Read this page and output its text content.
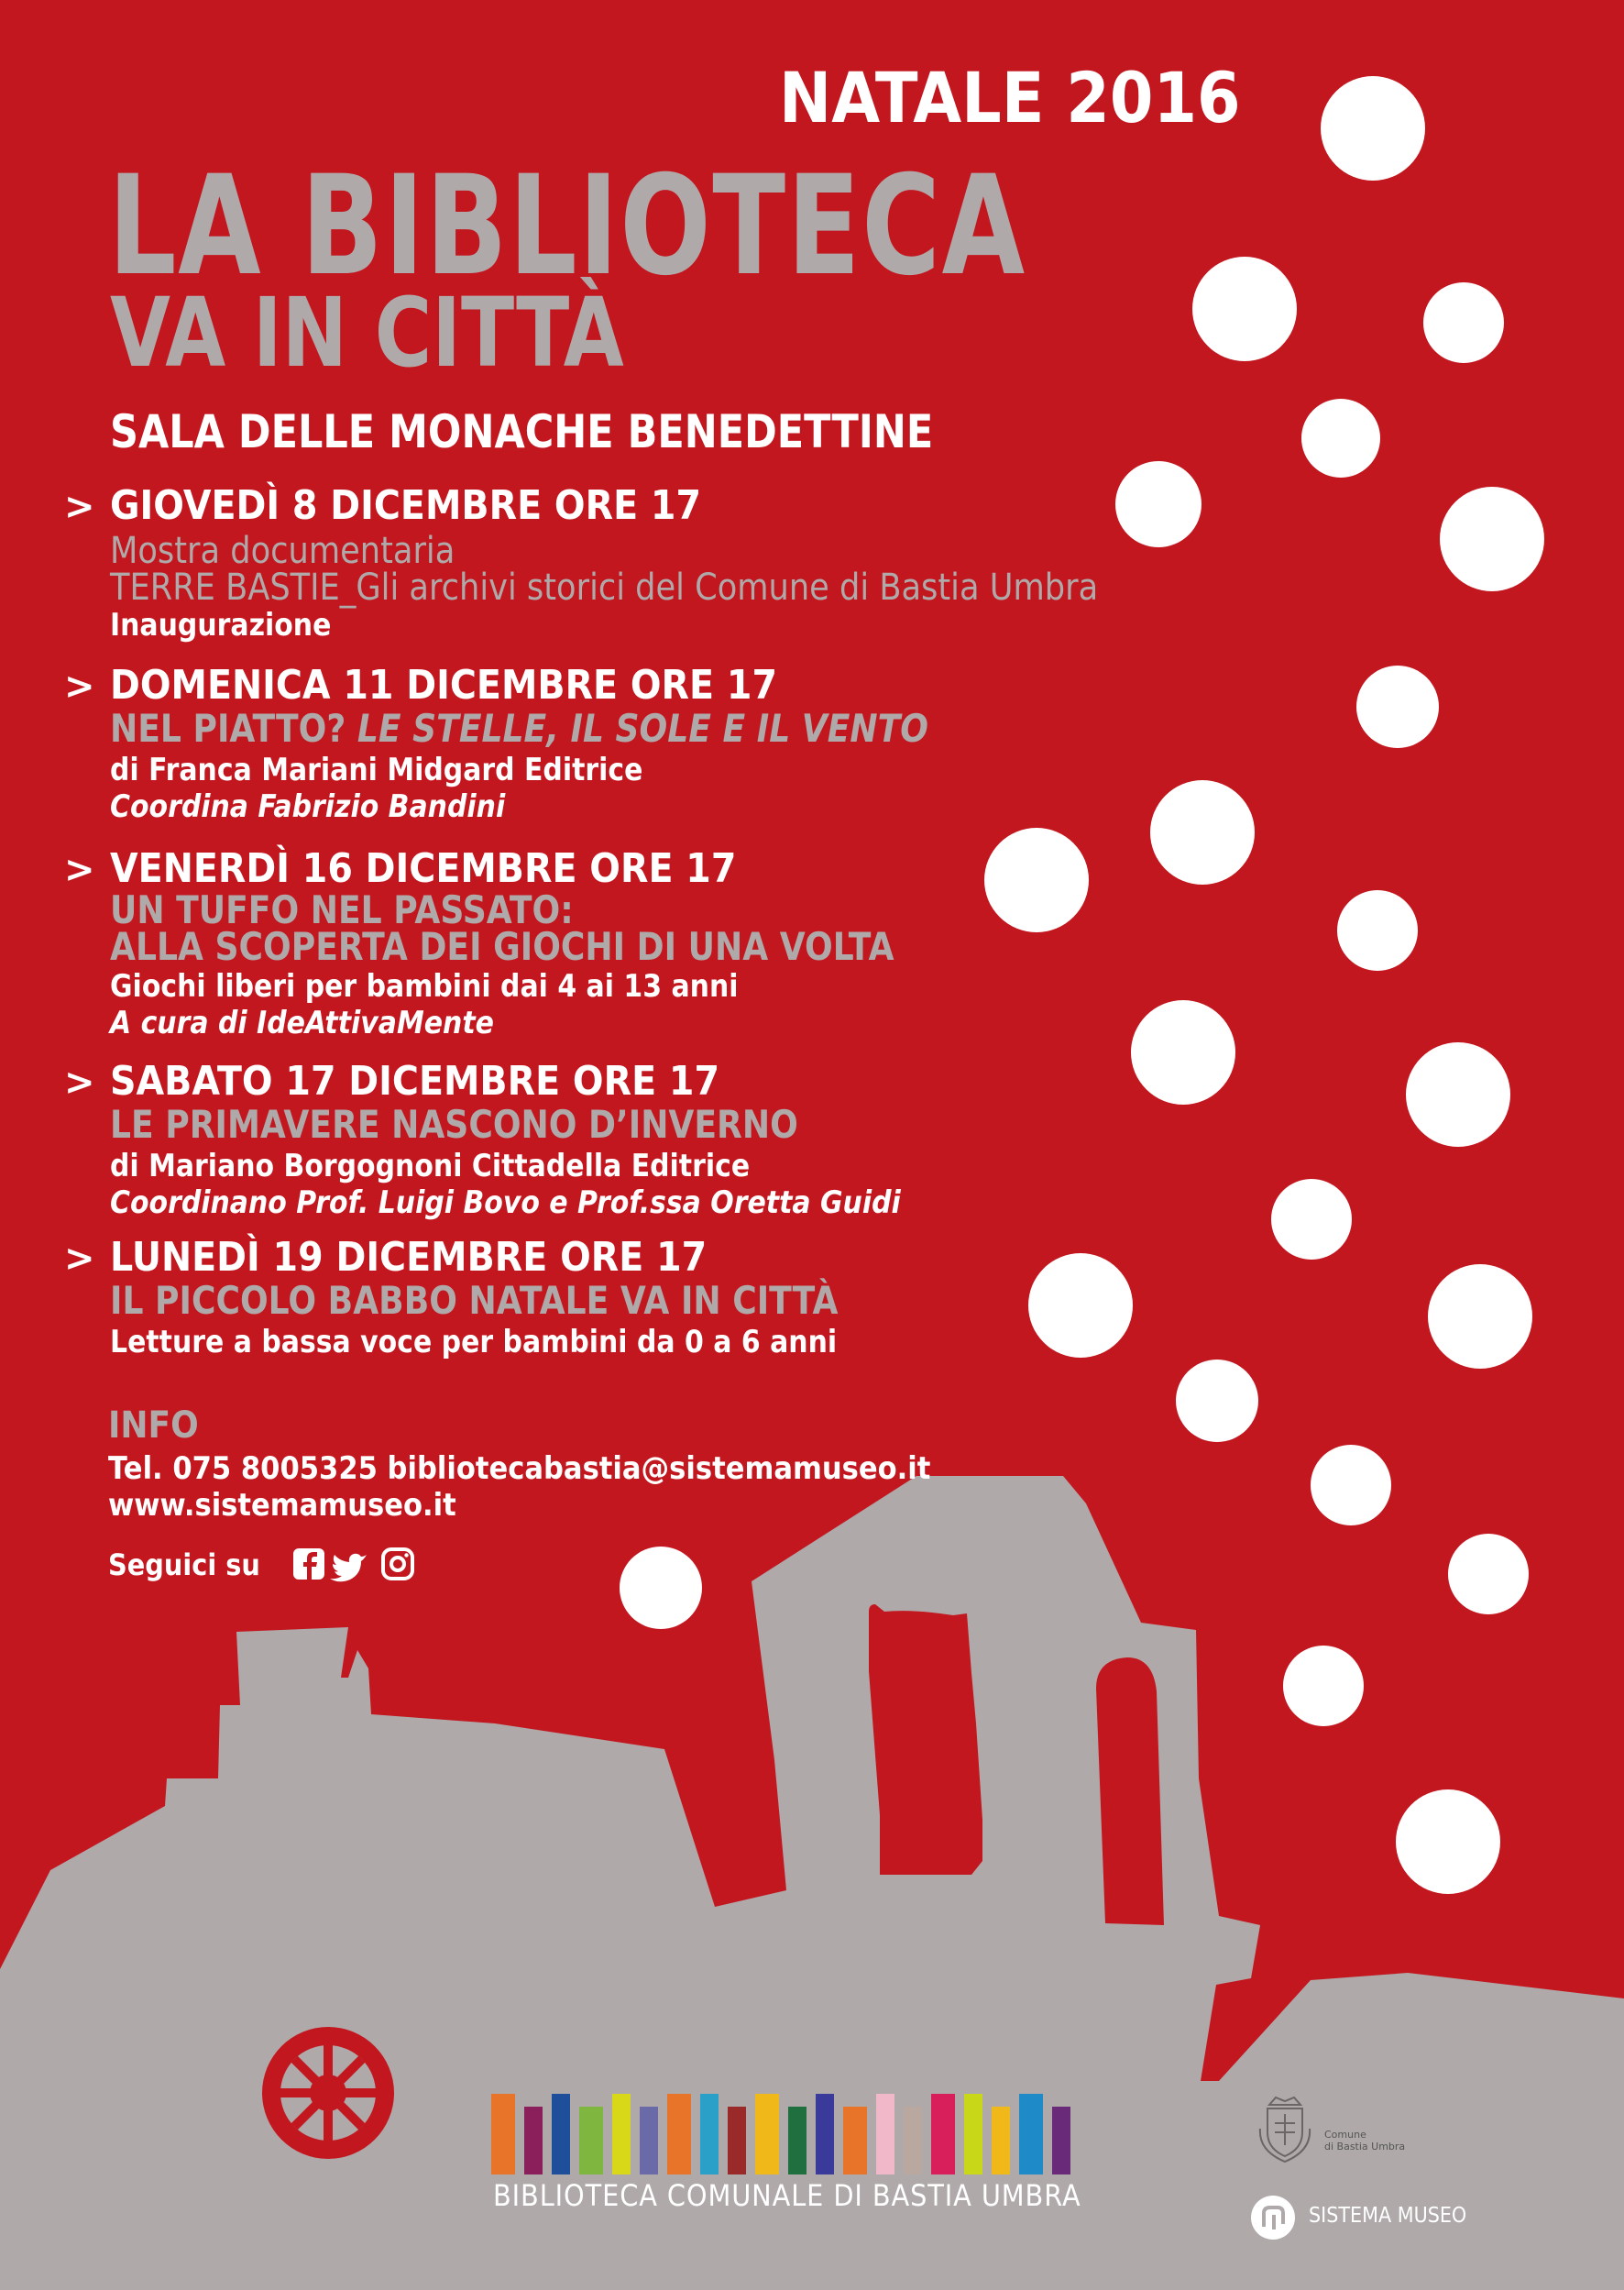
NATALE 2016
LA BIBLIOTECA
VA IN CITTÀ
SALA DELLE MONACHE BENEDETTINE
> GIOVEDÌ 8 DICEMBRE ORE 17
Mostra documentaria
TERRE BASTIE_Gli archivi storici del Comune di Bastia Umbra
Inaugurazione
> DOMENICA 11 DICEMBRE ORE 17
NEL PIATTO? LE STELLE, IL SOLE E IL VENTO
di Franca Mariani Midgard Editrice
Coordina Fabrizio Bandini
> VENERDÌ 16 DICEMBRE ORE 17
UN TUFFO NEL PASSATO:
ALLA SCOPERTA DEI GIOCHI DI UNA VOLTA
Giochi liberi per bambini dai 4 ai 13 anni
A cura di IdeAttivaMente
> SABATO 17 DICEMBRE ORE 17
LE PRIMAVERE NASCONO D’INVERNO
di Mariano Borgognoni Cittadella Editrice
Coordinano Prof. Luigi Bovo e Prof.ssa Oretta Guidi
> LUNEDÌ 19 DICEMBRE ORE 17
IL PICCOLO BABBO NATALE VA IN CITTÀ
Letture a bassa voce per bambini da 0 a 6 anni
INFO
Tel. 075 8005325 bibliotecabastia@sistemamuseo.it
www.sistemamuseo.it
Seguici su
BIBLIOTECA COMUNALE DI BASTIA UMBRA
Comune
di Bastia Umbra
SISTEMA MUSEO
